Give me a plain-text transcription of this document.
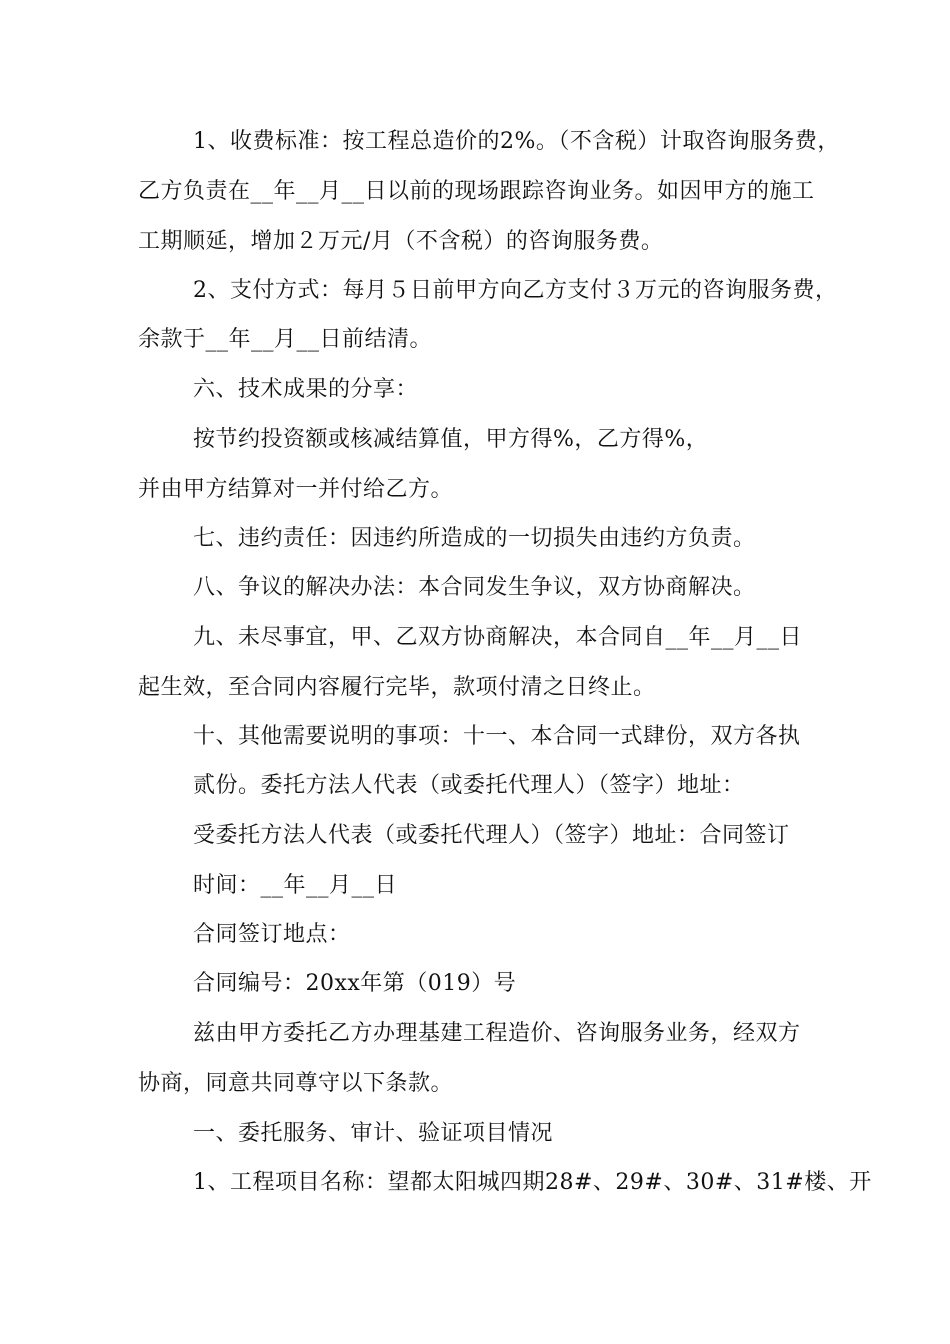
1、收费标准：按工程总造价的2%。（不含税）计取咨询服务费，
乙方负责在__年__月__日以前的现场跟踪咨询业务。如因甲方的施工
工期顺延，增加２万元/月（不含税）的咨询服务费。
2、支付方式：每月５日前甲方向乙方支付３万元的咨询服务费，
余款于__年__月__日前结清。
六、技术成果的分享：
按节约投资额或核减结算值，甲方得%，乙方得%，
并由甲方结算对一并付给乙方。
七、违约责任：因违约所造成的一切损失由违约方负责。
八、争议的解决办法：本合同发生争议，双方协商解决。
九、未尽事宜，甲、乙双方协商解决，本合同自__年__月__日
起生效，至合同内容履行完毕，款项付清之日终止。
十、其他需要说明的事项：十一、本合同一式肆份，双方各执
贰份。委托方法人代表（或委托代理人）（签字）地址：
受委托方法人代表（或委托代理人）（签字）地址：合同签订
时间：__年__月__日
合同签订地点：
合同编号：20xx年第（019）号
兹由甲方委托乙方办理基建工程造价、咨询服务业务，经双方
协商，同意共同尊守以下条款。
一、委托服务、审计、验证项目情况
1、工程项目名称：望都太阳城四期28#、29#、30#、31#楼、开
